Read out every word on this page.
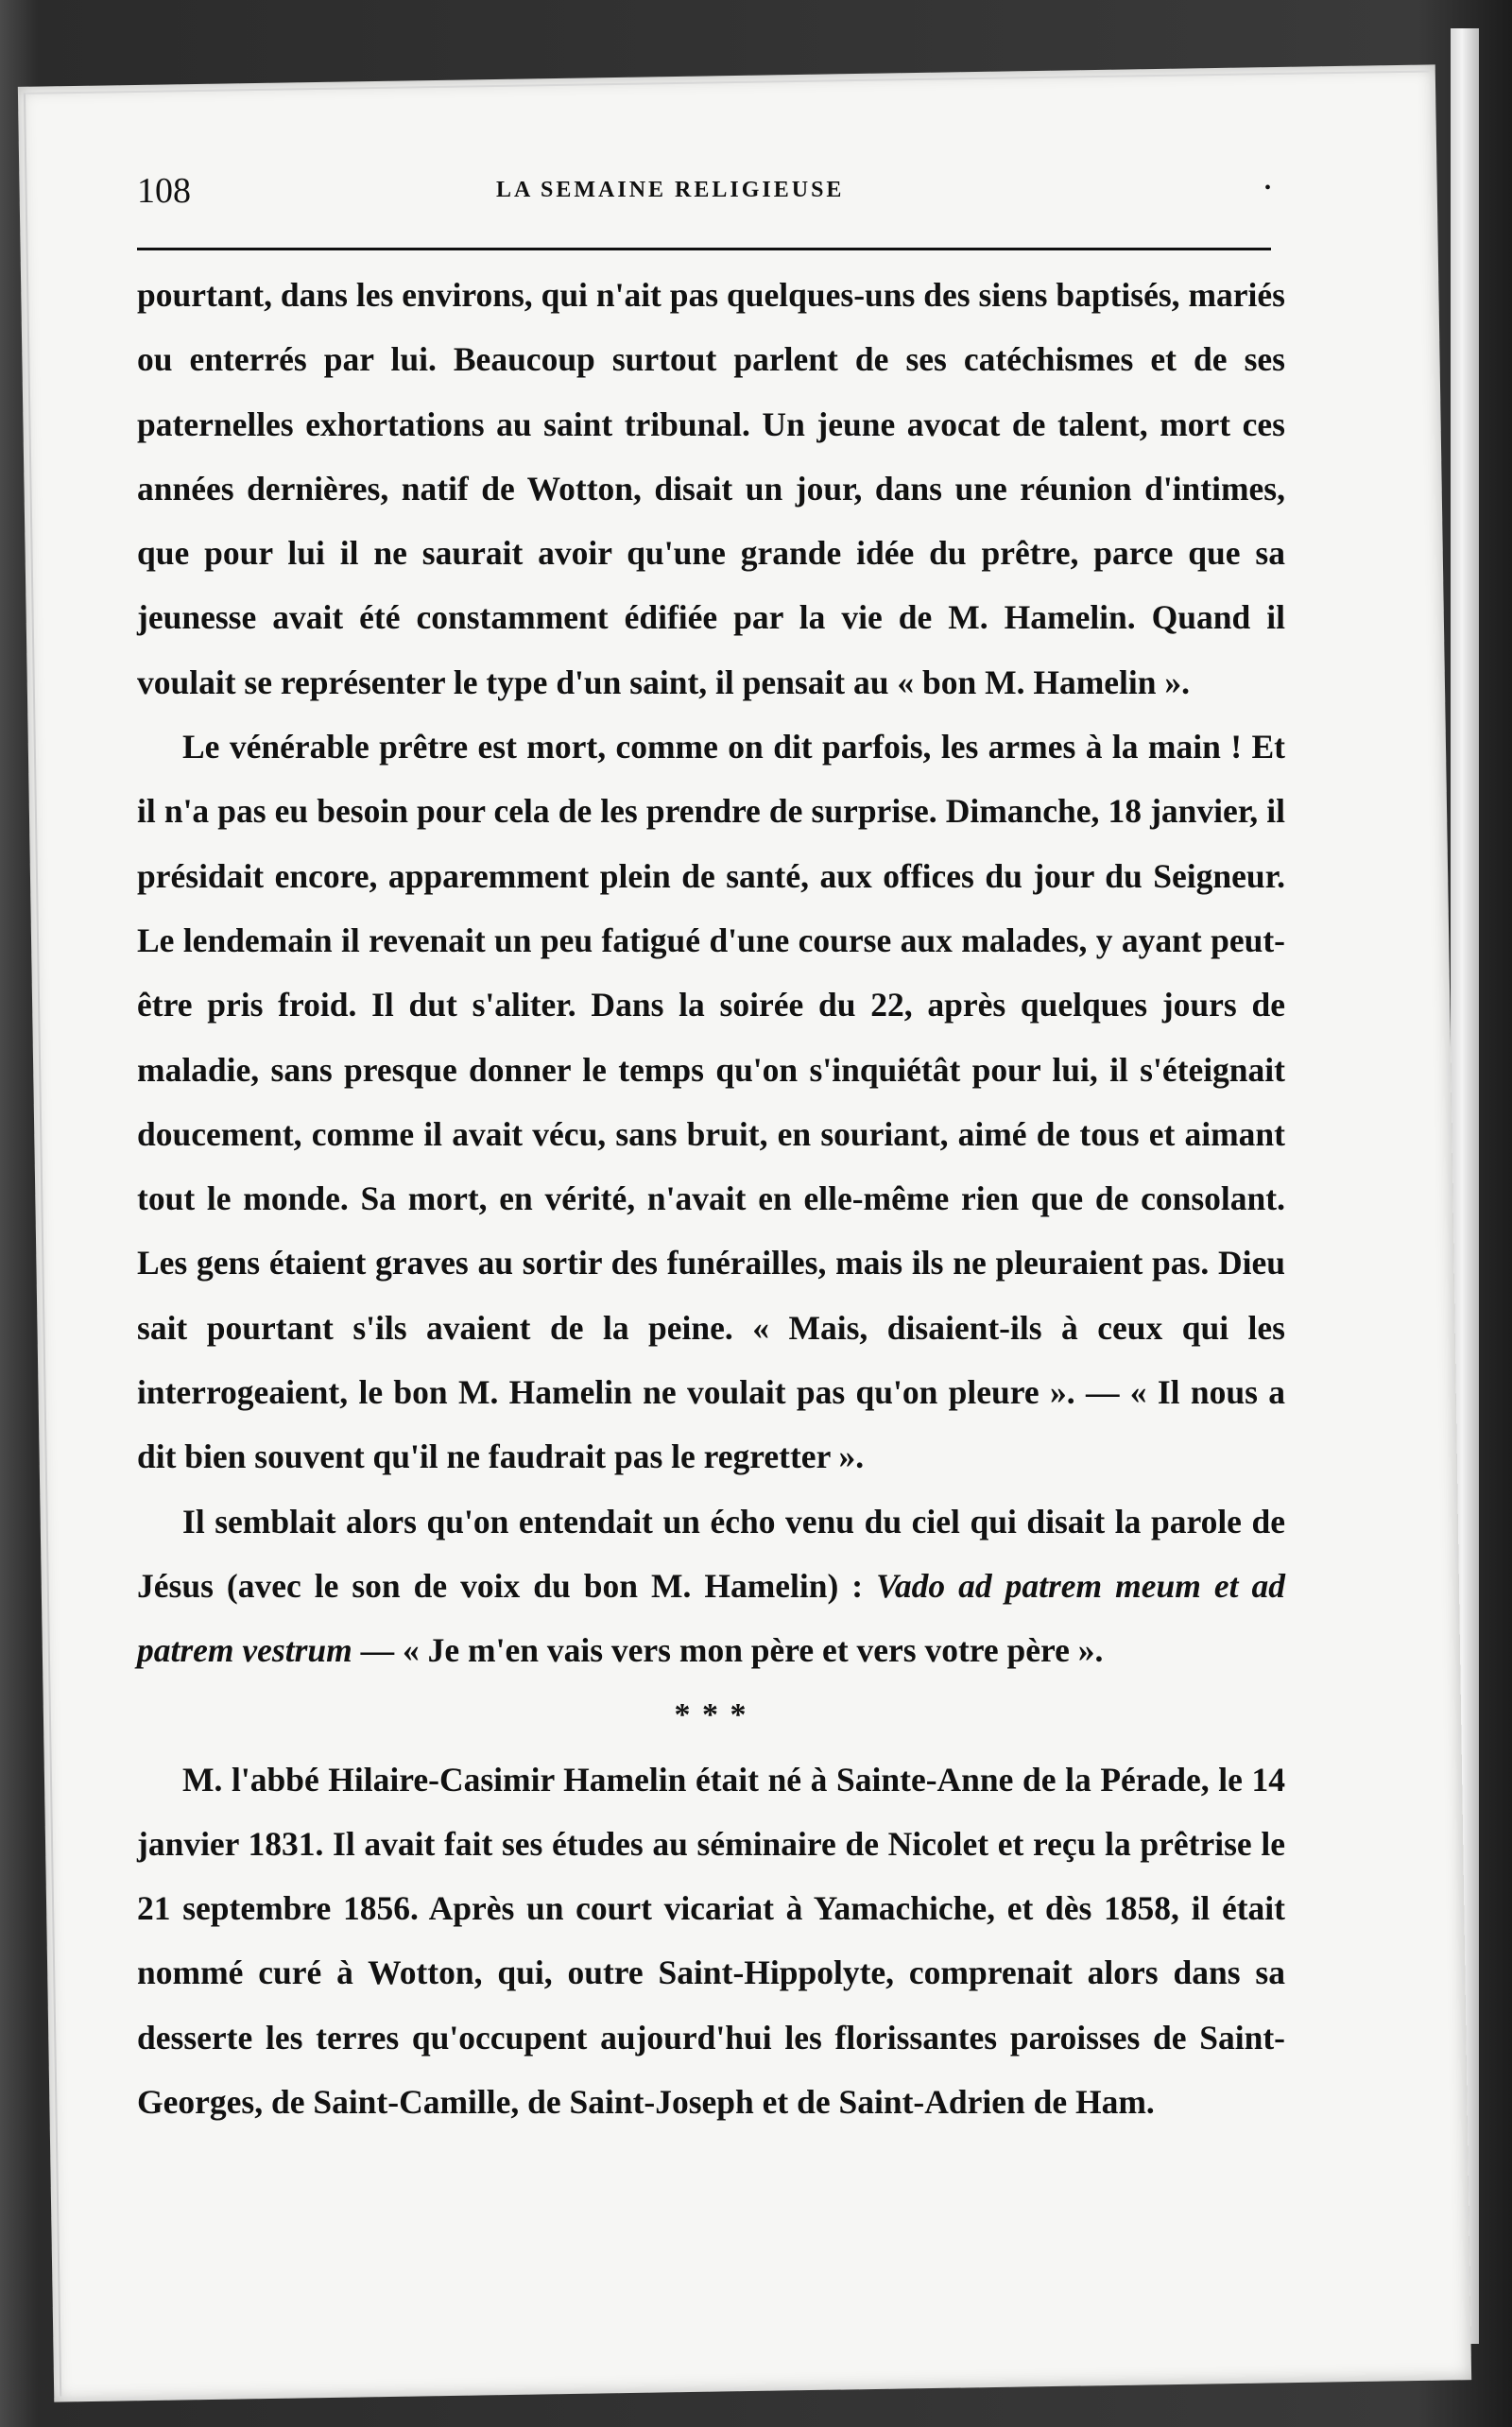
108	LA SEMAINE RELIGIEUSE	•

pourtant, dans les environs, qui n'ait pas quelques-uns des siens baptisés, mariés ou enterrés par lui. Beaucoup surtout parlent de ses catéchismes et de ses paternelles exhortations au saint tribunal. Un jeune avocat de talent, mort ces années dernières, natif de Wotton, disait un jour, dans une réunion d'intimes, que pour lui il ne saurait avoir qu'une grande idée du prêtre, parce que sa jeunesse avait été constamment édifiée par la vie de M. Hamelin. Quand il voulait se représenter le type d'un saint, il pensait au « bon M. Hamelin ».

Le vénérable prêtre est mort, comme on dit parfois, les armes à la main ! Et il n'a pas eu besoin pour cela de les prendre de surprise. Dimanche, 18 janvier, il présidait encore, apparemment plein de santé, aux offices du jour du Seigneur. Le lendemain il revenait un peu fatigué d'une course aux malades, y ayant peut-être pris froid. Il dut s'aliter. Dans la soirée du 22, après quelques jours de maladie, sans presque donner le temps qu'on s'inquiétât pour lui, il s'éteignait doucement, comme il avait vécu, sans bruit, en souriant, aimé de tous et aimant tout le monde. Sa mort, en vérité, n'avait en elle-même rien que de consolant. Les gens étaient graves au sortir des funérailles, mais ils ne pleuraient pas. Dieu sait pourtant s'ils avaient de la peine. « Mais, disaient-ils à ceux qui les interrogeaient, le bon M. Hamelin ne voulait pas qu'on pleure ». — « Il nous a dit bien souvent qu'il ne faudrait pas le regretter ».

Il semblait alors qu'on entendait un écho venu du ciel qui disait la parole de Jésus (avec le son de voix du bon M. Hamelin) : Vado ad patrem meum et ad patrem vestrum — « Je m'en vais vers mon père et vers votre père ».

* * *

M. l'abbé Hilaire-Casimir Hamelin était né à Sainte-Anne de la Pérade, le 14 janvier 1831. Il avait fait ses études au séminaire de Nicolet et reçu la prêtrise le 21 septembre 1856. Après un court vicariat à Yamachiche, et dès 1858, il était nommé curé à Wotton, qui, outre Saint-Hippolyte, comprenait alors dans sa desserte les terres qu'occupent aujourd'hui les florissantes paroisses de Saint-Georges, de Saint-Camille, de Saint-Joseph et de Saint-Adrien de Ham.
